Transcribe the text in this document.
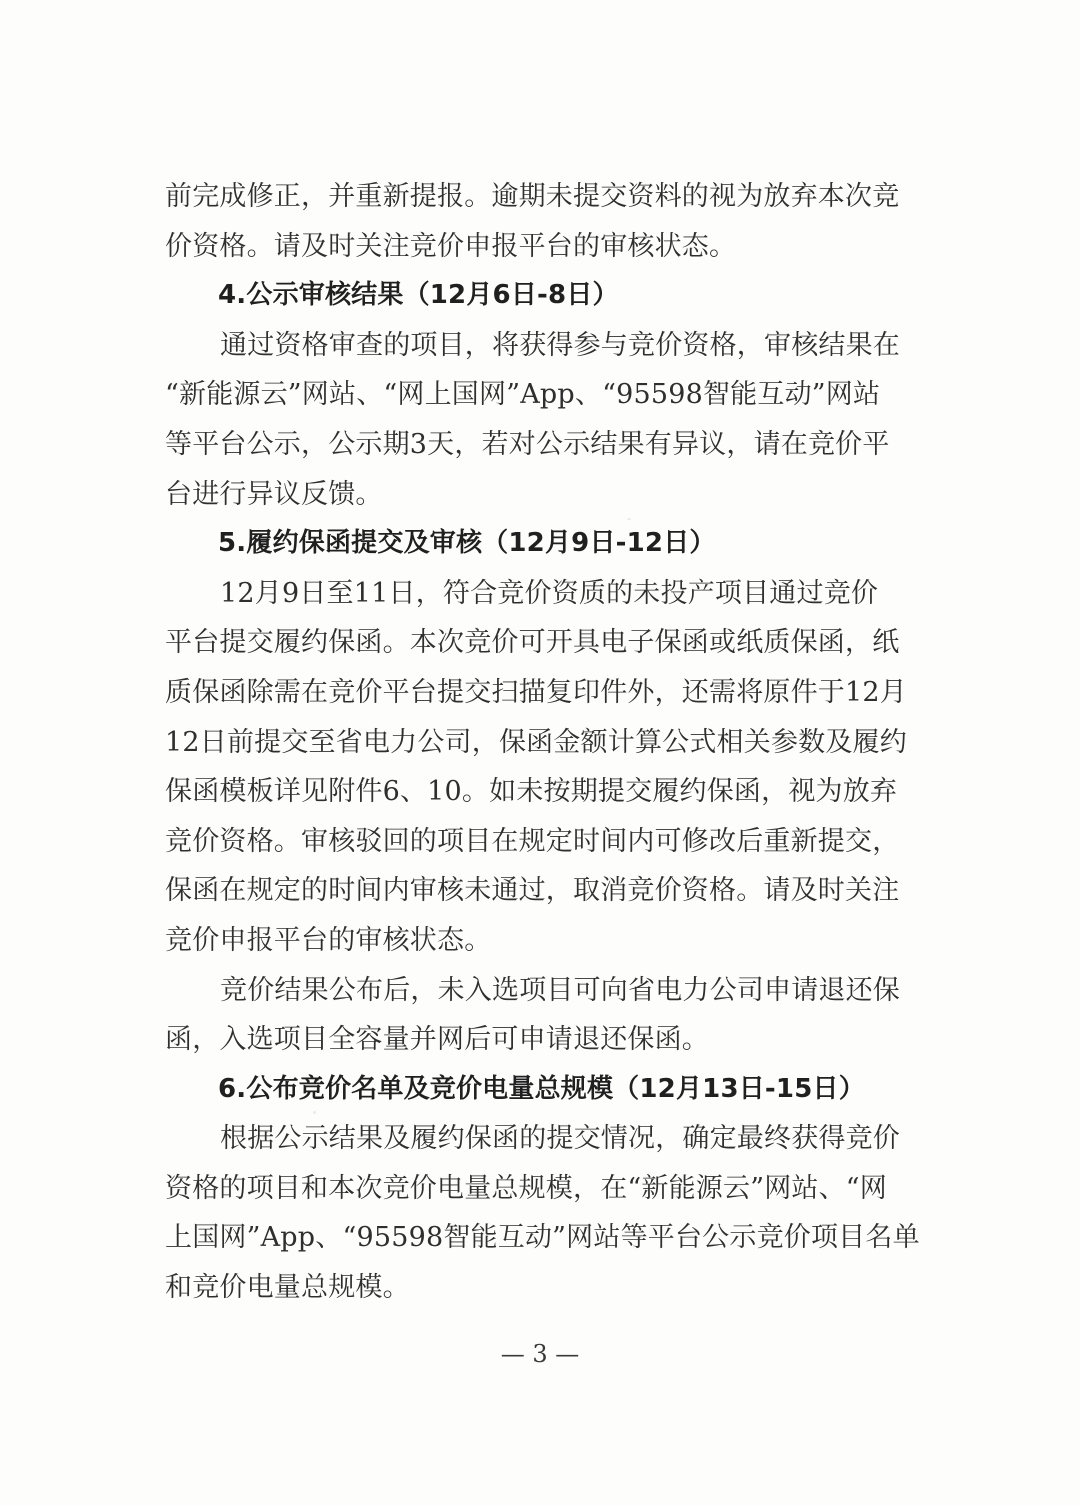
前完成修正，并重新提报。逾期未提交资料的视为放弃本次竞
价资格。请及时关注竞价申报平台的审核状态。
4.公示审核结果（12月6日-8日）
通过资格审查的项目，将获得参与竞价资格，审核结果在
“新能源云”网站、“网上国网”App、“95598智能互动”网站
等平台公示，公示期3天，若对公示结果有异议，请在竞价平
台进行异议反馈。
5.履约保函提交及审核（12月9日-12日）
12月9日至11日，符合竞价资质的未投产项目通过竞价
平台提交履约保函。本次竞价可开具电子保函或纸质保函，纸
质保函除需在竞价平台提交扫描复印件外，还需将原件于12月
12日前提交至省电力公司，保函金额计算公式相关参数及履约
保函模板详见附件6、10。如未按期提交履约保函，视为放弃
竞价资格。审核驳回的项目在规定时间内可修改后重新提交，
保函在规定的时间内审核未通过，取消竞价资格。请及时关注
竞价申报平台的审核状态。
竞价结果公布后，未入选项目可向省电力公司申请退还保
函，入选项目全容量并网后可申请退还保函。
6.公布竞价名单及竞价电量总规模（12月13日-15日）
根据公示结果及履约保函的提交情况，确定最终获得竞价
资格的项目和本次竞价电量总规模，在“新能源云”网站、“网
上国网”App、“95598智能互动”网站等平台公示竞价项目名单
和竞价电量总规模。
— 3 —
